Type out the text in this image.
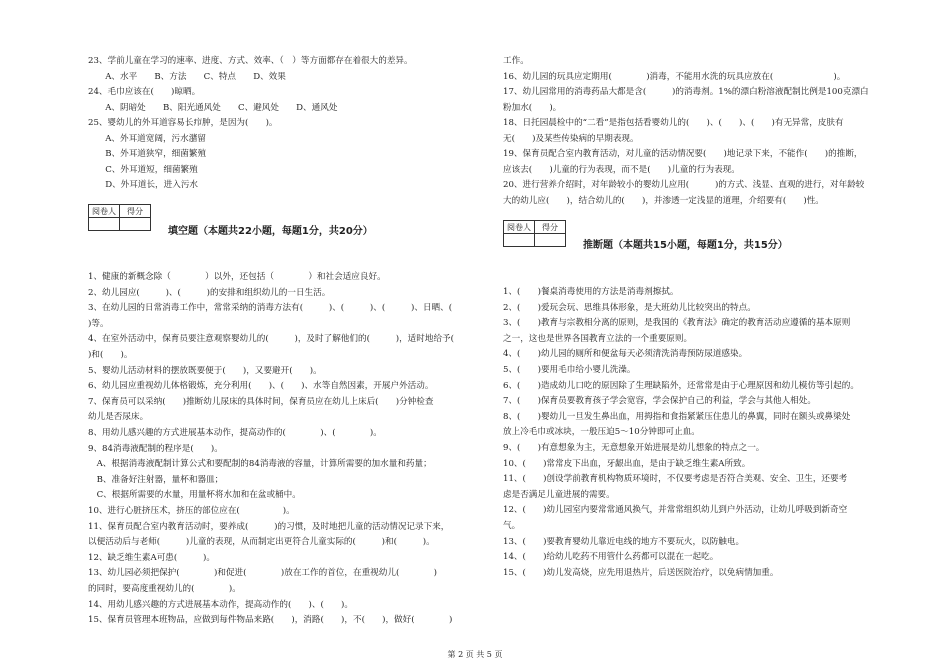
23、学前儿童在学习的速率、进度、方式、效率、（　）等方面都存在着很大的差异。
　　A、水平　　B、方法　　C、特点　　D、效果
24、毛巾应该在(　　)晾晒。
　　A、阴暗处　　B、阳光通风处　　C、避风处　　D、通风处
25、婴幼儿的外耳道容易长疖肿，是因为(　　)。
　　A、外耳道宽阔，污水潴留
　　B、外耳道狭窄，细菌繁殖
　　C、外耳道短，细菌繁殖
　　D、外耳道长，进入污水
阅卷人	得分

填空题（本题共22小题，每题1分，共20分）
1、健康的新概念除（　　　　）以外，还包括（　　　　）和社会适应良好。
2、幼儿园应(　　　)、(　　　)的安排和组织幼儿的一日生活。
3、在幼儿园的日常消毒工作中，常常采纳的消毒方法有(　　　)、(　　　)、(　　　)、日晒、(　　
)等。
4、在室外活动中，保育员要注意观察婴幼儿的(　　　)，及时了解他们的(　　　)，适时地给予(
)和(　　)。
5、婴幼儿活动材料的摆放既要便于(　　)，又要避开(　　)。
6、幼儿园应重视幼儿体格锻炼，充分利用(　　)、(　　)、水等自然因素，开展户外活动。
7、保育员可以采纳(　　)推断幼儿尿床的具体时间，保育员应在幼儿上床后(　　)分钟检查
幼儿是否尿床。
8、用幼儿感兴趣的方式进展基本动作，提高动作的(　　　　)、(　　　　)。
9、84消毒液配制的程序是(　　)。
　A、根据消毒液配制计算公式和要配制的84消毒液的容量，计算所需要的加水量和药量；
　B、准备好注射器，量杯和器皿；
　C、根据所需要的水量，用量杯将水加和在盆或桶中。
10、进行心脏挤压术，挤压的部位应在(　　　　　)。
11、保育员配合室内教育活动时，要养成(　　　)的习惯，及时地把儿童的活动情况记录下来，
以便活动后与老师(　　　)儿童的表现，从而制定出更符合儿童实际的(　　　)和(　　　)。
12、缺乏维生素A可患(　　　)。
13、幼儿园必须把保护(　　　　)和促进(　　　　)放在工作的首位，在重视幼儿(　　　　)
的同时，要高度重视幼儿的(　　　　)。
14、用幼儿感兴趣的方式进展基本动作，提高动作的(　　)、(　　)。
15、保育员管理本班物品，应做到每件物品来路(　　)，消路(　　)，不(　　)，做好(　　　　)
工作。
16、幼儿园的玩具应定期用(　　　　)消毒，不能用水洗的玩具应放在(　　　　　　　)。
17、幼儿园常用的消毒药品大都是含(　　　)的消毒剂。1%的漂白粉溶液配制比例是100克漂白
粉加水(　　)。
18、日托园晨检中的“二看”是指包括看婴幼儿的(　　)、(　　)、(　　)有无异常，皮肤有
无(　　)及某些传染病的早期表现。
19、保育员配合室内教育活动，对儿童的活动情况要(　　)地记录下来，不能作(　　)的推断，
应该去(　　)儿童的行为表现，而不是(　　)儿童的行为表现。
20、进行营养介绍时，对年龄较小的婴幼儿应用(　　　)的方式、浅显、直观的进行，对年龄较
大的幼儿应(　　)，结合幼儿的(　　)，并渗透一定浅显的道理，介绍要有(　　)性。
阅卷人	得分

推断题（本题共15小题，每题1分，共15分）
1、(　　)餐桌消毒使用的方法是消毒剂擦拭。
2、(　　)爱玩会玩、思维具体形象，是大班幼儿比较突出的特点。
3、(　　)教育与宗教相分离的原则，是我国的《教育法》确定的教育活动应遵循的基本原则
之一，这也是世界各国教育立法的一个重要原则。
4、(　　)幼儿园的厕所和便盆每天必须清洗消毒预防尿道感染。
5、(　　)要用毛巾给小婴儿洗澡。
6、(　　)造成幼儿口吃的原因除了生理缺陷外，还常常是由于心理原因和幼儿模仿等引起的。
7、(　　)保育员要教育孩子学会宽容，学会保护自己的利益，学会与其他人相处。
8、(　　)婴幼儿一旦发生鼻出血，用拇指和食指紧紧压住患儿的鼻翼，同时在额头或鼻梁处
放上冷毛巾或冰块，一般压迫5～10分钟即可止血。
9、(　　)有意想象为主，无意想象开始进展是幼儿想象的特点之一。
10、(　　)常常皮下出血，牙龈出血，是由于缺乏维生素A所致。
11、(　　)创设学前教育机构物质环境时，不仅要考虑是否符合美观、安全、卫生，还要考
虑是否满足儿童进展的需要。
12、(　　)幼儿园室内要常常通风换气，并常常组织幼儿到户外活动，让幼儿呼吸到新奇空
气。
13、(　　)要教育婴幼儿靠近电线的地方不要玩火，以防触电。
14、(　　)给幼儿吃药不用管什么药都可以混在一起吃。
15、(　　)幼儿发高烧，应先用退热片，后送医院治疗，以免病情加重。
第 2 页 共 5 页
